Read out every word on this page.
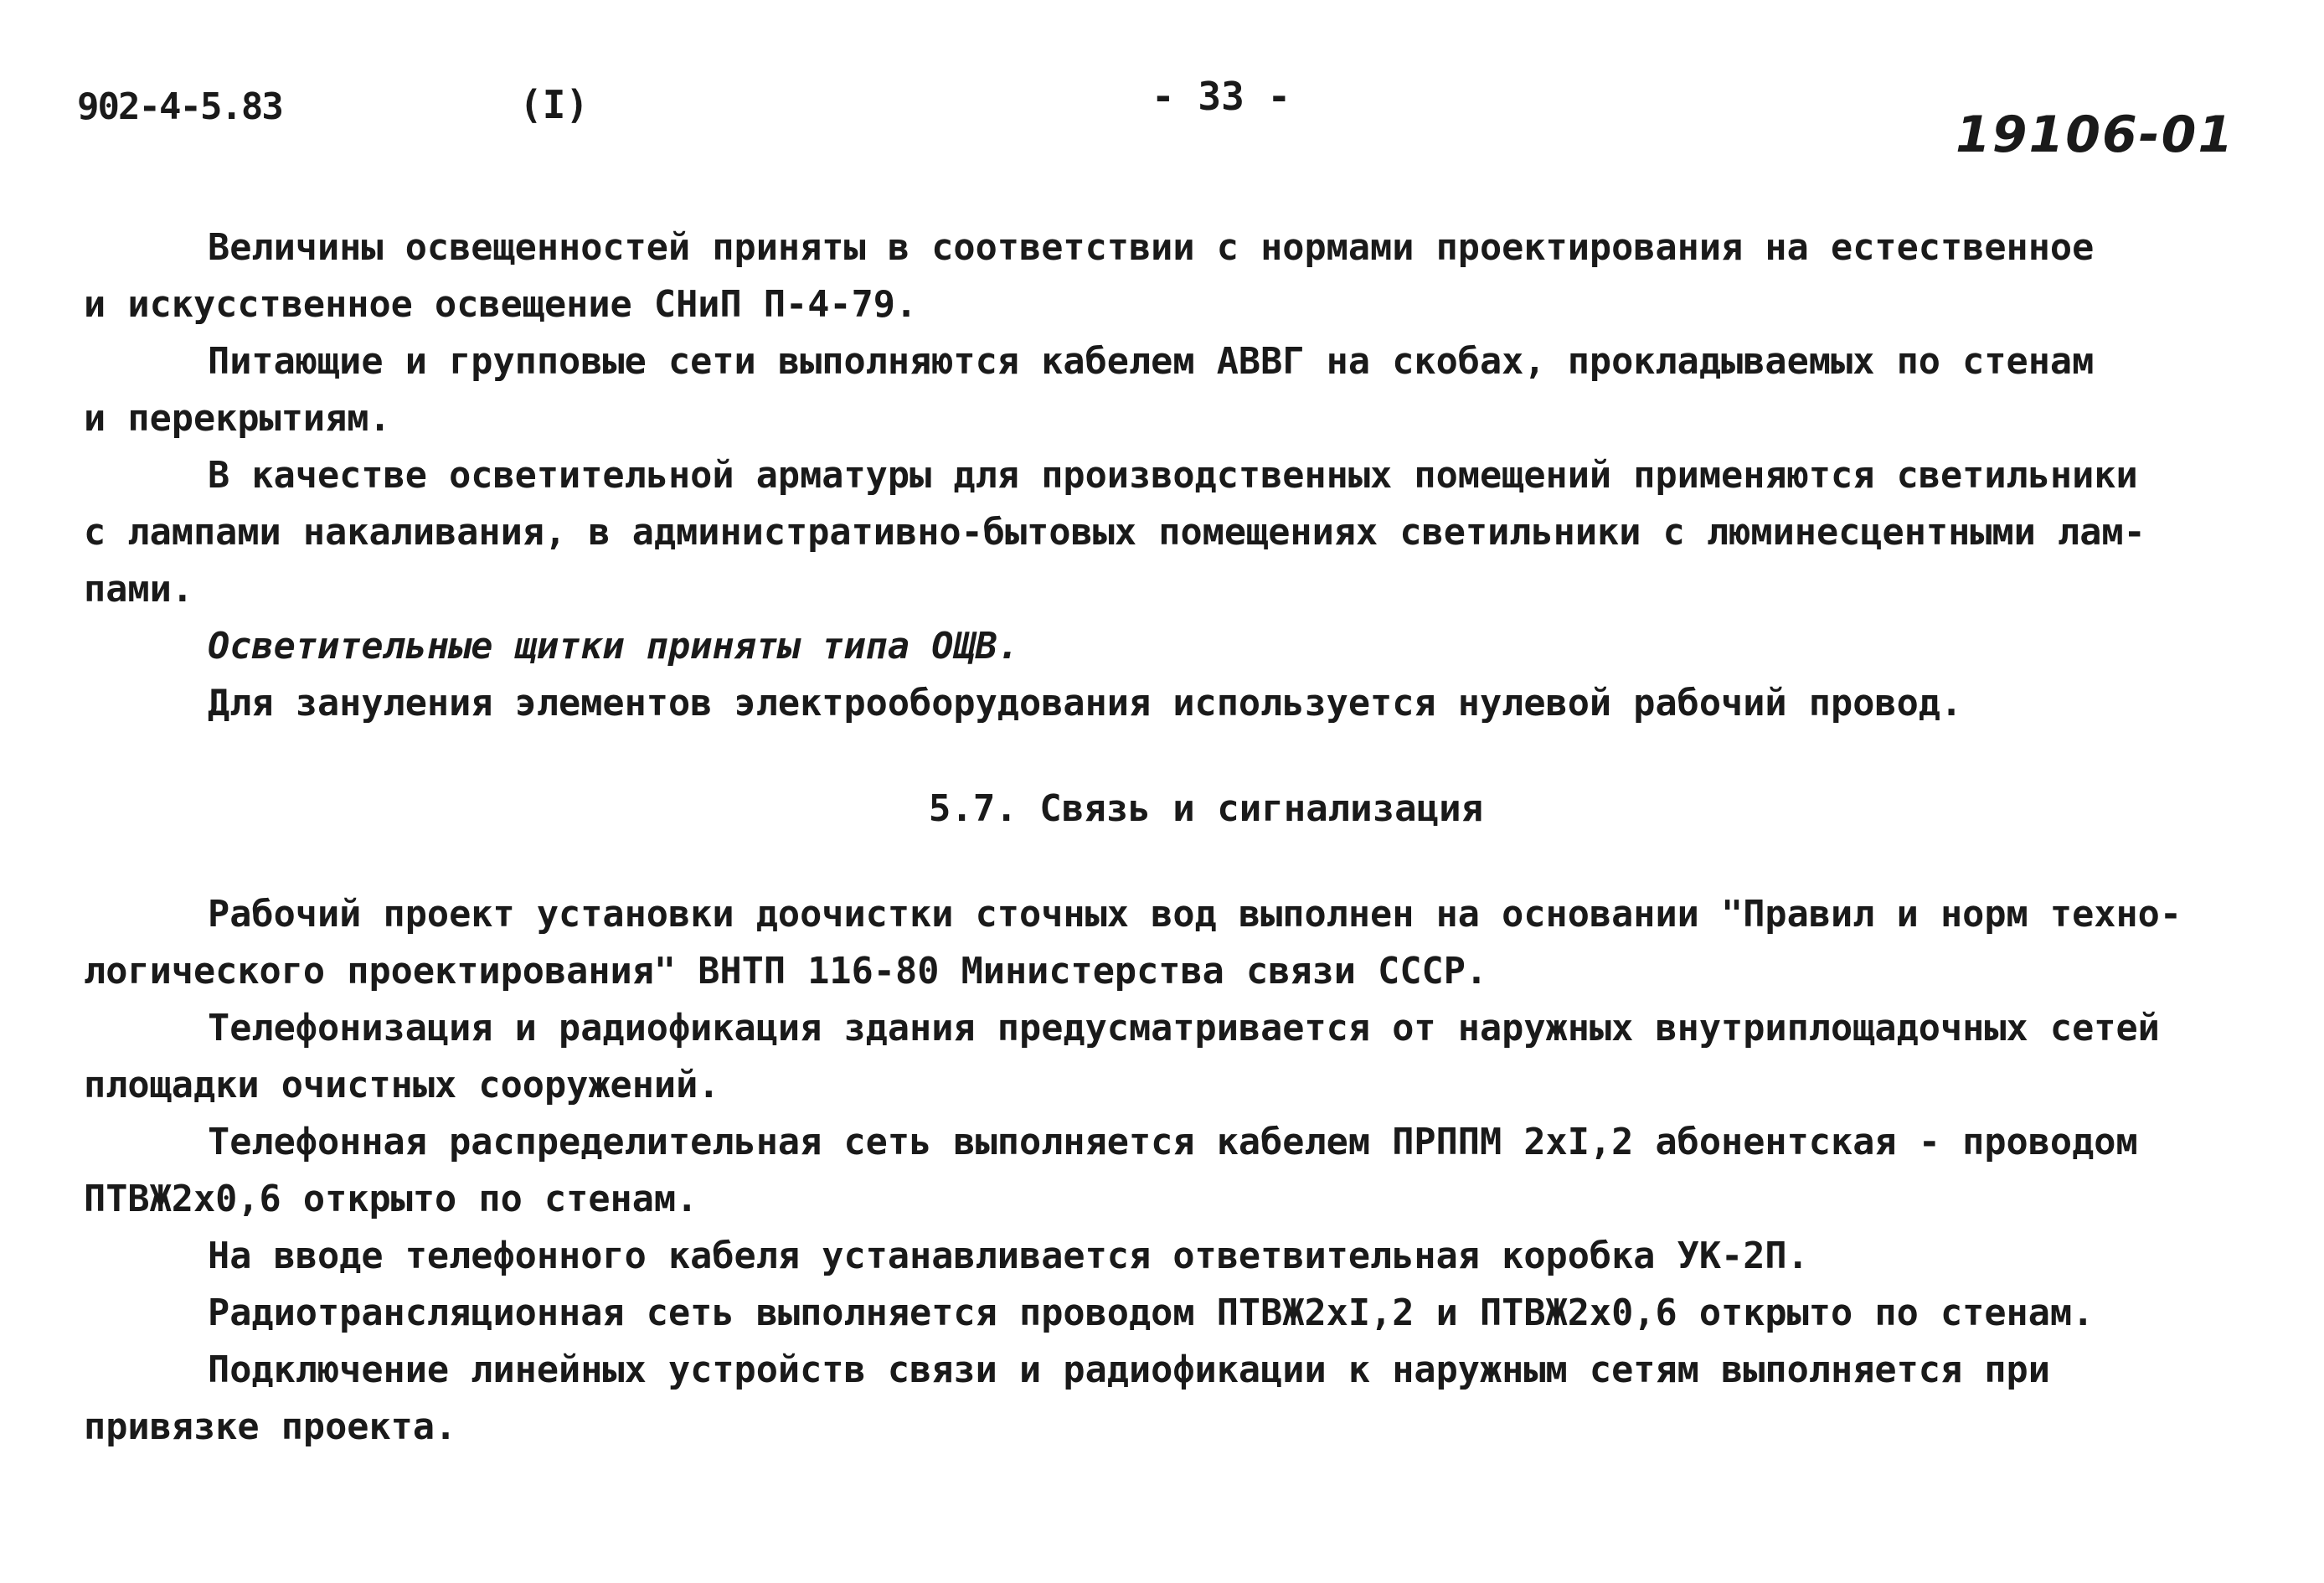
902-4-5.83	(I)	- 33 -
19106-01

Величины освещенностей приняты в соответствии с нормами проектирования на естественное
и искусственное освещение СНиП П-4-79.

Питающие и групповые сети выполняются кабелем АВВГ на скобах, прокладываемых по стенам
и перекрытиям.

В качестве осветительной арматуры для производственных помещений применяются светильники
с лампами накаливания, в административно-бытовых помещениях светильники с люминесцентными лам-
пами.

Осветительные щитки приняты типа ОЩВ.

Для зануления элементов электрооборудования используется нулевой рабочий провод.

5.7. Связь и сигнализация

Рабочий проект установки доочистки сточных вод выполнен на основании "Правил и норм техно-
логического проектирования" ВНТП 116-80 Министерства связи СССР.

Телефонизация и радиофикация здания предусматривается от наружных внутриплощадочных сетей
площадки очистных сооружений.

Телефонная распределительная сеть выполняется кабелем ПРППМ 2хI,2 абонентская - проводом
ПТВЖ2х0,6 открыто по стенам.

На вводе телефонного кабеля устанавливается ответвительная коробка УК-2П.

Радиотрансляционная сеть выполняется проводом ПТВЖ2хI,2 и ПТВЖ2х0,6 открыто по стенам.

Подключение линейных устройств связи и радиофикации к наружным сетям выполняется при
привязке проекта.
